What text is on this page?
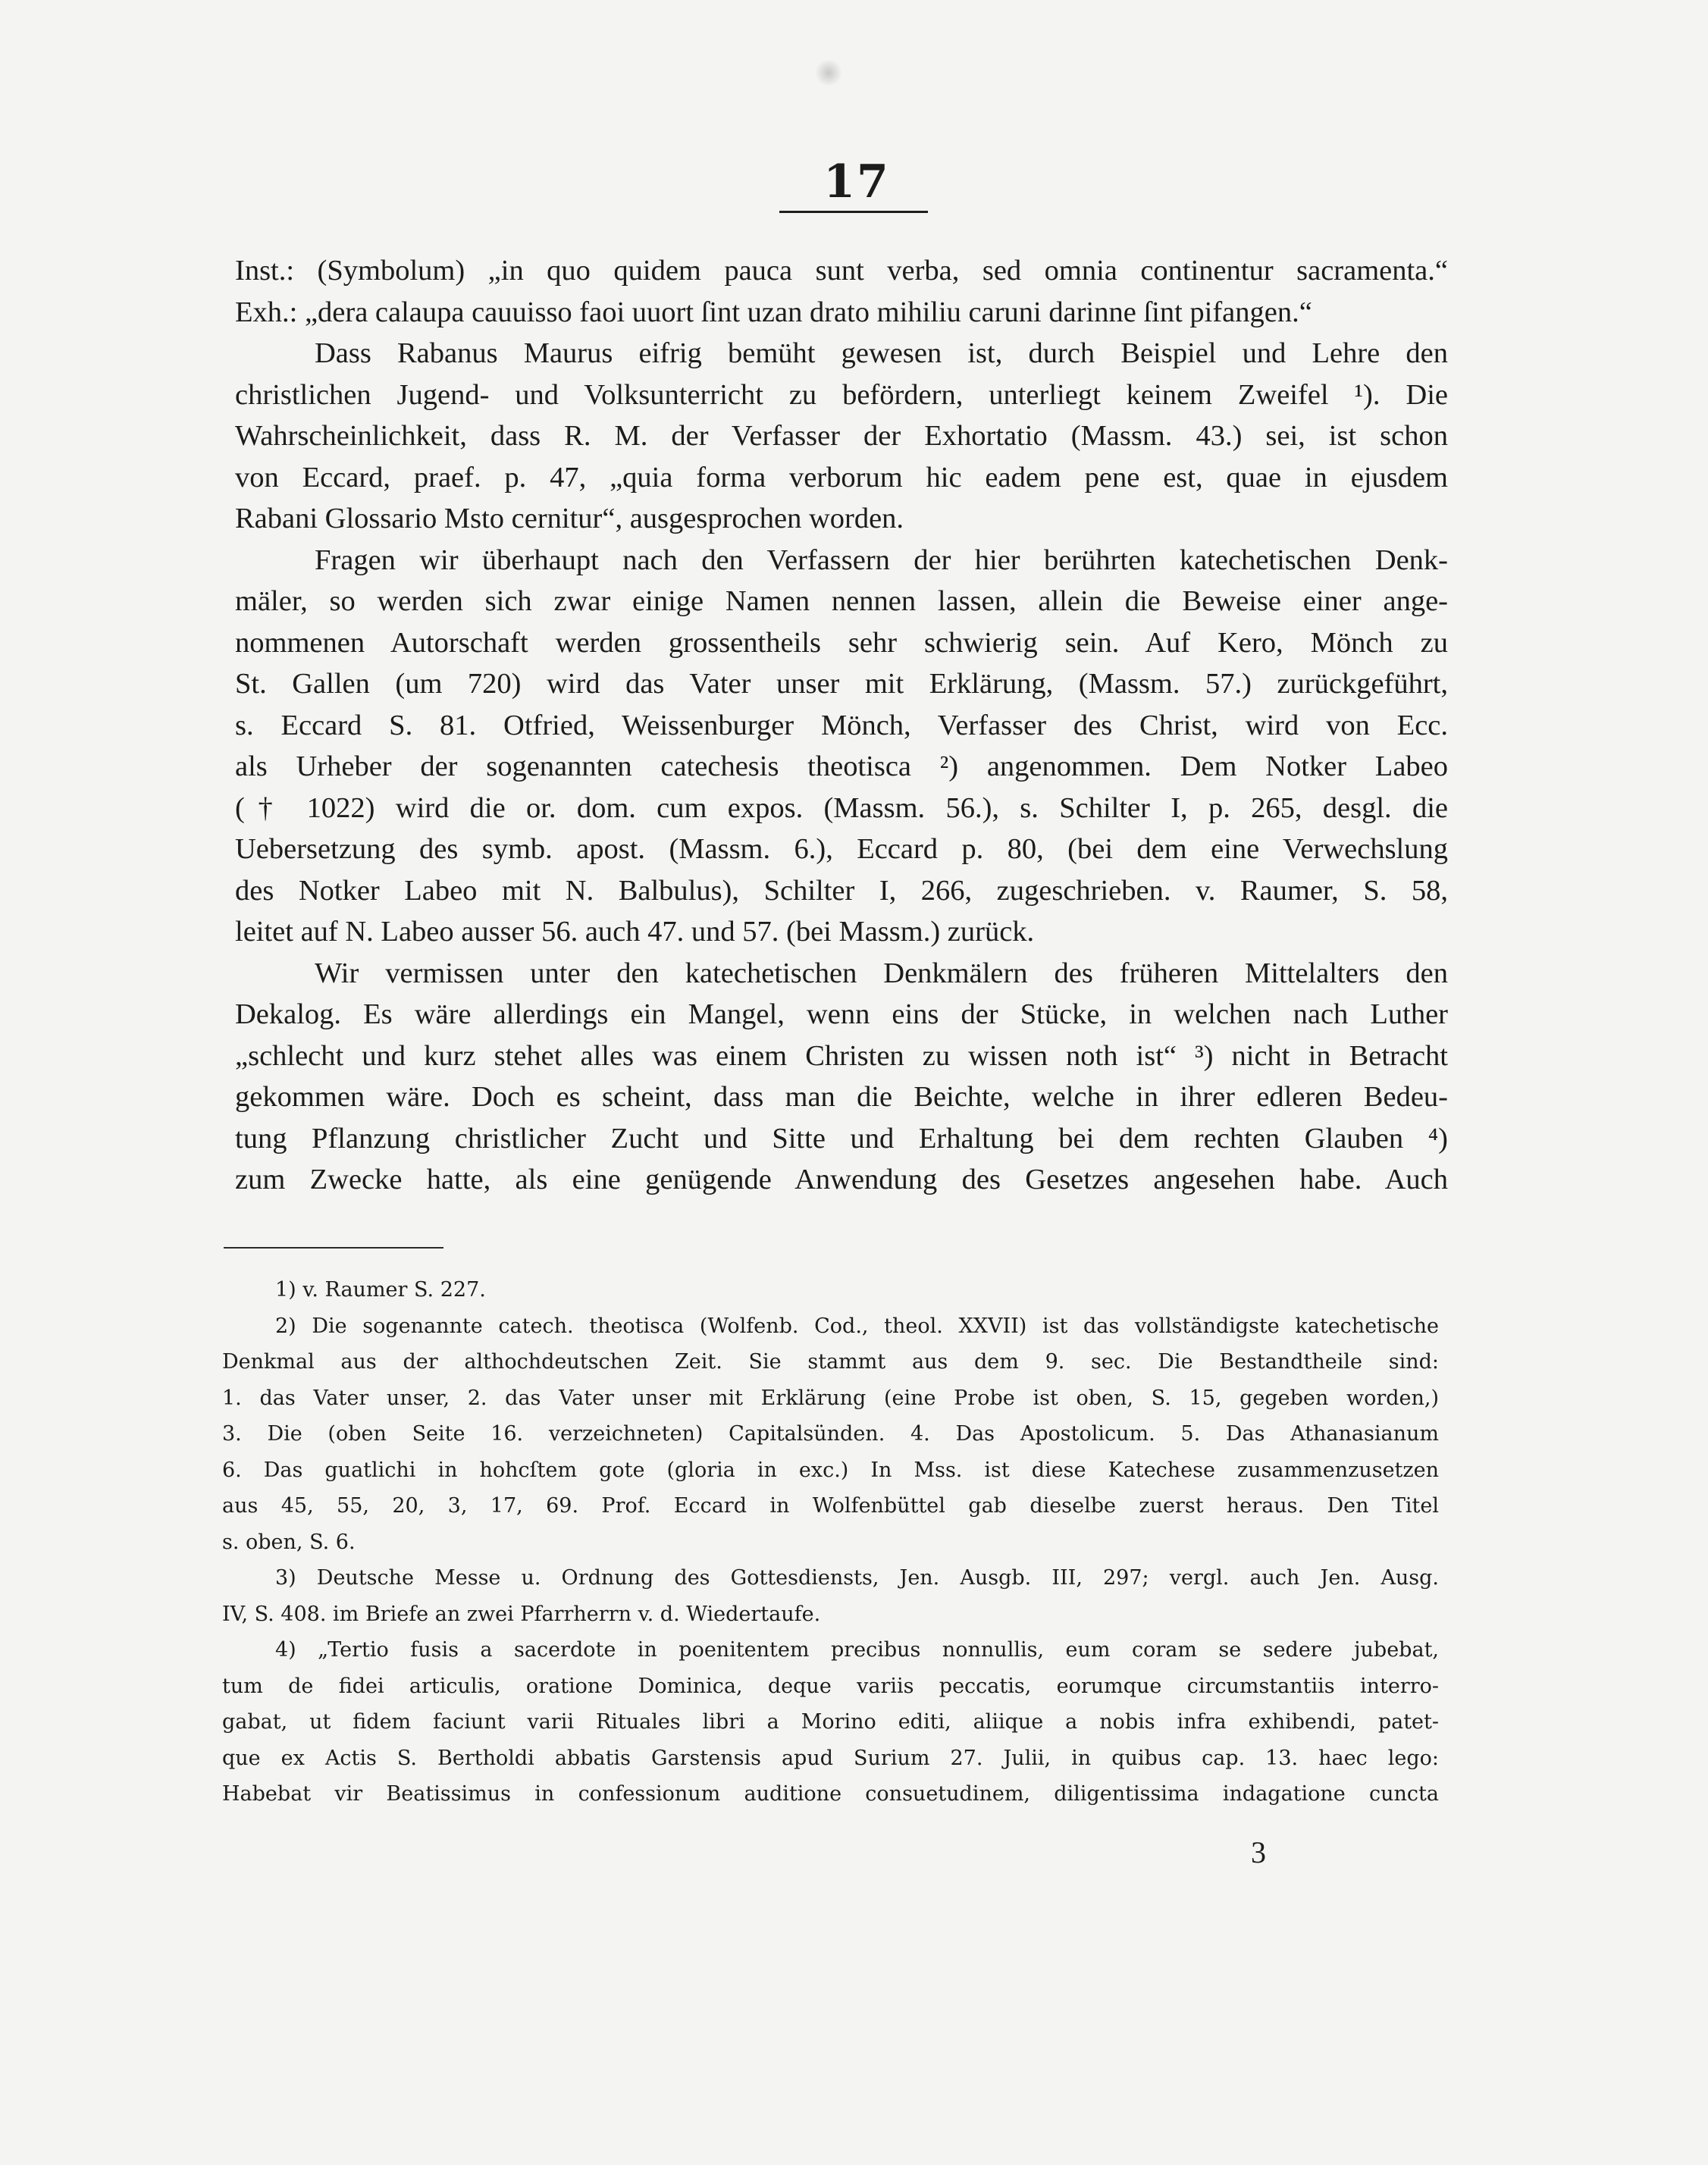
17
Inst.: (Symbolum) „in quo quidem pauca sunt verba, sed omnia continentur sacramenta.“
Exh.: „dera calaupa cauuisso faoi uuort ſint uzan drato mihiliu caruni darinne ſint pifangen.“
Dass Rabanus Maurus eifrig bemüht gewesen ist, durch Beispiel und Lehre den
christlichen Jugend- und Volksunterricht zu befördern, unterliegt keinem Zweifel ¹). Die
Wahrscheinlichkeit, dass R. M. der Verfasser der Exhortatio (Massm. 43.) sei, ist schon
von Eccard, praef. p. 47, „quia forma verborum hic eadem pene est, quae in ejusdem
Rabani Glossario Msto cernitur“, ausgesprochen worden.
Fragen wir überhaupt nach den Verfassern der hier berührten katechetischen Denk-
mäler, so werden sich zwar einige Namen nennen lassen, allein die Beweise einer ange-
nommenen Autorschaft werden grossentheils sehr schwierig sein. Auf Kero, Mönch zu
St. Gallen (um 720) wird das Vater unser mit Erklärung, (Massm. 57.) zurückgeführt,
s. Eccard S. 81. Otfried, Weissenburger Mönch, Verfasser des Christ, wird von Ecc.
als Urheber der sogenannten catechesis theotisca ²) angenommen. Dem Notker Labeo
(† 1022) wird die or. dom. cum expos. (Massm. 56.), s. Schilter I, p. 265, desgl. die
Uebersetzung des symb. apost. (Massm. 6.), Eccard p. 80, (bei dem eine Verwechslung
des Notker Labeo mit N. Balbulus), Schilter I, 266, zugeschrieben. v. Raumer, S. 58,
leitet auf N. Labeo ausser 56. auch 47. und 57. (bei Massm.) zurück.
Wir vermissen unter den katechetischen Denkmälern des früheren Mittelalters den
Dekalog. Es wäre allerdings ein Mangel, wenn eins der Stücke, in welchen nach Luther
„schlecht und kurz stehet alles was einem Christen zu wissen noth ist“ ³) nicht in Betracht
gekommen wäre. Doch es scheint, dass man die Beichte, welche in ihrer edleren Bedeu-
tung Pflanzung christlicher Zucht und Sitte und Erhaltung bei dem rechten Glauben ⁴)
zum Zwecke hatte, als eine genügende Anwendung des Gesetzes angesehen habe. Auch
1) v. Raumer S. 227.
2) Die sogenannte catech. theotisca (Wolfenb. Cod., theol. XXVII) ist das vollständigste katechetische
Denkmal aus der althochdeutschen Zeit. Sie stammt aus dem 9. sec. Die Bestandtheile sind:
1. das Vater unser, 2. das Vater unser mit Erklärung (eine Probe ist oben, S. 15, gegeben worden,)
3. Die (oben Seite 16. verzeichneten) Capitalsünden. 4. Das Apostolicum. 5. Das Athanasianum
6. Das guatlichi in hohcſtem gote (gloria in exc.) In Mss. ist diese Katechese zusammenzusetzen
aus 45, 55, 20, 3, 17, 69. Prof. Eccard in Wolfenbüttel gab dieselbe zuerst heraus. Den Titel
s. oben, S. 6.
3) Deutsche Messe u. Ordnung des Gottesdiensts, Jen. Ausgb. III, 297; vergl. auch Jen. Ausg.
IV, S. 408. im Briefe an zwei Pfarrherrn v. d. Wiedertaufe.
4) „Tertio fusis a sacerdote in poenitentem precibus nonnullis, eum coram se sedere jubebat,
tum de fidei articulis, oratione Dominica, deque variis peccatis, eorumque circumstantiis interro-
gabat, ut fidem faciunt varii Rituales libri a Morino editi, aliique a nobis infra exhibendi, patet-
que ex Actis S. Bertholdi abbatis Garstensis apud Surium 27. Julii, in quibus cap. 13. haec lego:
Habebat vir Beatissimus in confessionum auditione consuetudinem, diligentissima indagatione cuncta
3
